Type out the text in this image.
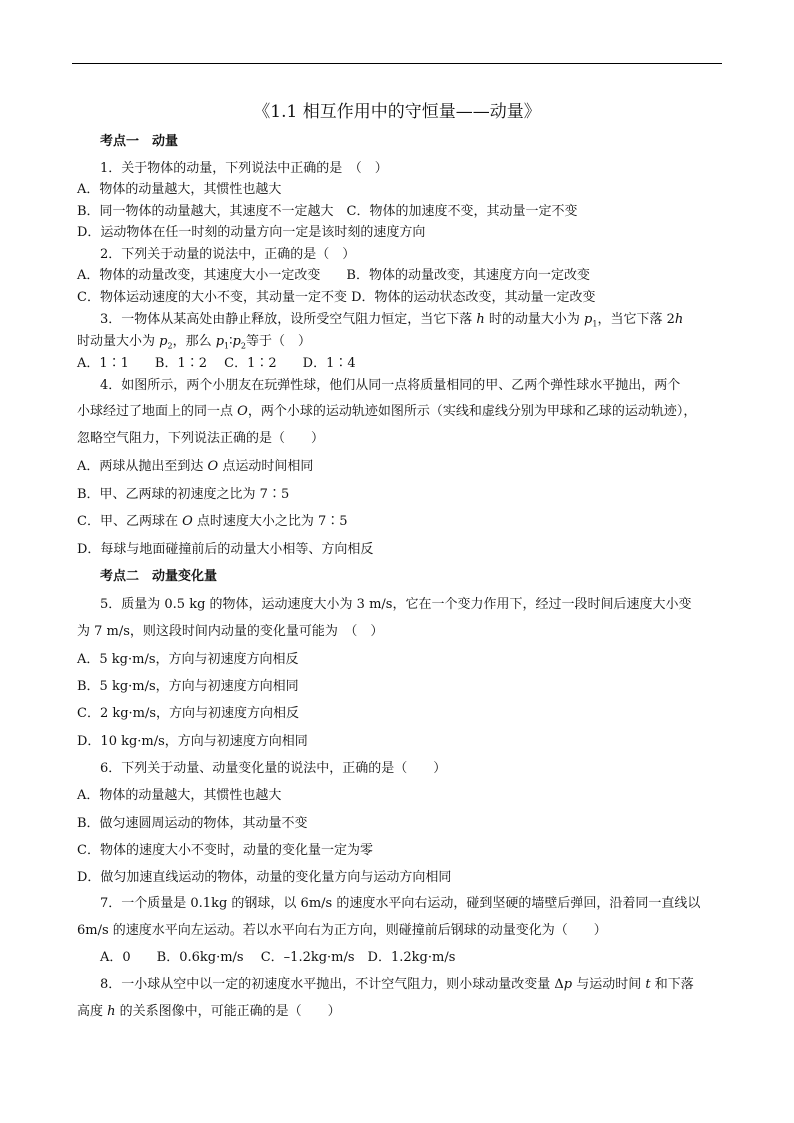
《1.1 相互作用中的守恒量——动量》
考点一　动量
1．关于物体的动量，下列说法中正确的是　（　）
A．物体的动量越大，其惯性也越大
B．同一物体的动量越大，其速度不一定越大　C．物体的加速度不变，其动量一定不变
D．运动物体在任一时刻的动量方向一定是该时刻的速度方向
2．下列关于动量的说法中，正确的是（　）
A．物体的动量改变，其速度大小一定改变　　B．物体的动量改变，其速度方向一定改变
C．物体运动速度的大小不变，其动量一定不变 D．物体的运动状态改变，其动量一定改变
3．一物体从某高处由静止释放，设所受空气阻力恒定，当它下落 h 时的动量大小为 $p_1$，当它下落 2h
时动量大小为 $p_2$，那么 $p_1∶p_2$等于（　）
A．1∶1　　B．1∶2　 C．1∶2　　D．1∶4
4．如图所示，两个小朋友在玩弹性球，他们从同一点将质量相同的甲、乙两个弹性球水平抛出，两个
小球经过了地面上的同一点 O，两个小球的运动轨迹如图所示（实线和虚线分别为甲球和乙球的运动轨迹），
忽略空气阻力，下列说法正确的是（　　）
A．两球从抛出至到达 O 点运动时间相同
B．甲、乙两球的初速度之比为 7∶5
C．甲、乙两球在 O 点时速度大小之比为 7∶5
D．每球与地面碰撞前后的动量大小相等、方向相反
考点二　动量变化量
5．质量为 0.5 kg 的物体，运动速度大小为 3 m/s，它在一个变力作用下，经过一段时间后速度大小变
为 7 m/s，则这段时间内动量的变化量可能为　（　）
A．5 kg·m/s，方向与初速度方向相反
B．5 kg·m/s，方向与初速度方向相同
C．2 kg·m/s，方向与初速度方向相反
D．10 kg·m/s，方向与初速度方向相同
6．下列关于动量、动量变化量的说法中，正确的是（　　）
A．物体的动量越大，其惯性也越大
B．做匀速圆周运动的物体，其动量不变
C．物体的速度大小不变时，动量的变化量一定为零
D．做匀加速直线运动的物体，动量的变化量方向与运动方向相同
7．一个质量是 0.1kg 的钢球，以 6m/s 的速度水平向右运动，碰到坚硬的墙壁后弹回，沿着同一直线以
6m/s 的速度水平向左运动。若以水平向右为正方向，则碰撞前后钢球的动量变化为（　　）
A．0　　B．0.6kg·m/s　 C．–1.2kg·m/s　D．1.2kg·m/s
8．一小球从空中以一定的初速度水平抛出，不计空气阻力，则小球动量改变量 Δp 与运动时间 t 和下落
高度 h 的关系图像中，可能正确的是（　　）
